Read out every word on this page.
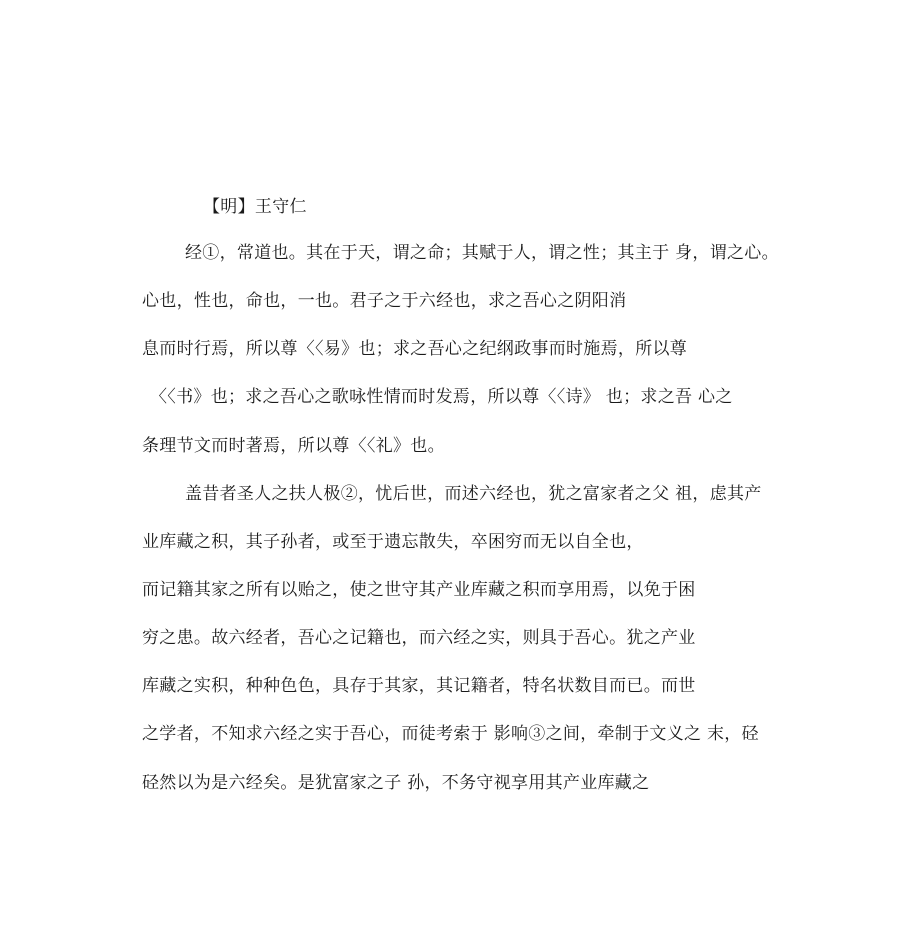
【明】王守仁
经①，常道也。其在于天，谓之命；其赋于人，谓之性；其主于 身，谓之心。
心也，性也，命也，一也。君子之于六经也，求之吾心之阴阳消
息而时行焉，所以尊〈〈易》也；求之吾心之纪纲政事而时施焉，所以尊
〈〈书》也；求之吾心之歌咏性情而时发焉，所以尊〈〈诗》 也；求之吾 心之
条理节文而时著焉，所以尊〈〈礼》也。
盖昔者圣人之扶人极②，忧后世，而述六经也，犹之富家者之父 祖，虑其产
业库藏之积，其子孙者，或至于遗忘散失，卒困穷而无以自全也，
而记籍其家之所有以贻之，使之世守其产业库藏之积而享用焉，以免于困
穷之患。故六经者，吾心之记籍也，而六经之实，则具于吾心。犹之产业
库藏之实积，种种色色，具存于其家，其记籍者，特名状数目而已。而世
之学者，不知求六经之实于吾心，而徒考索于 影响③之间，牵制于文义之 末，硁
硁然以为是六经矣。是犹富家之子 孙，不务守视享用其产业库藏之
